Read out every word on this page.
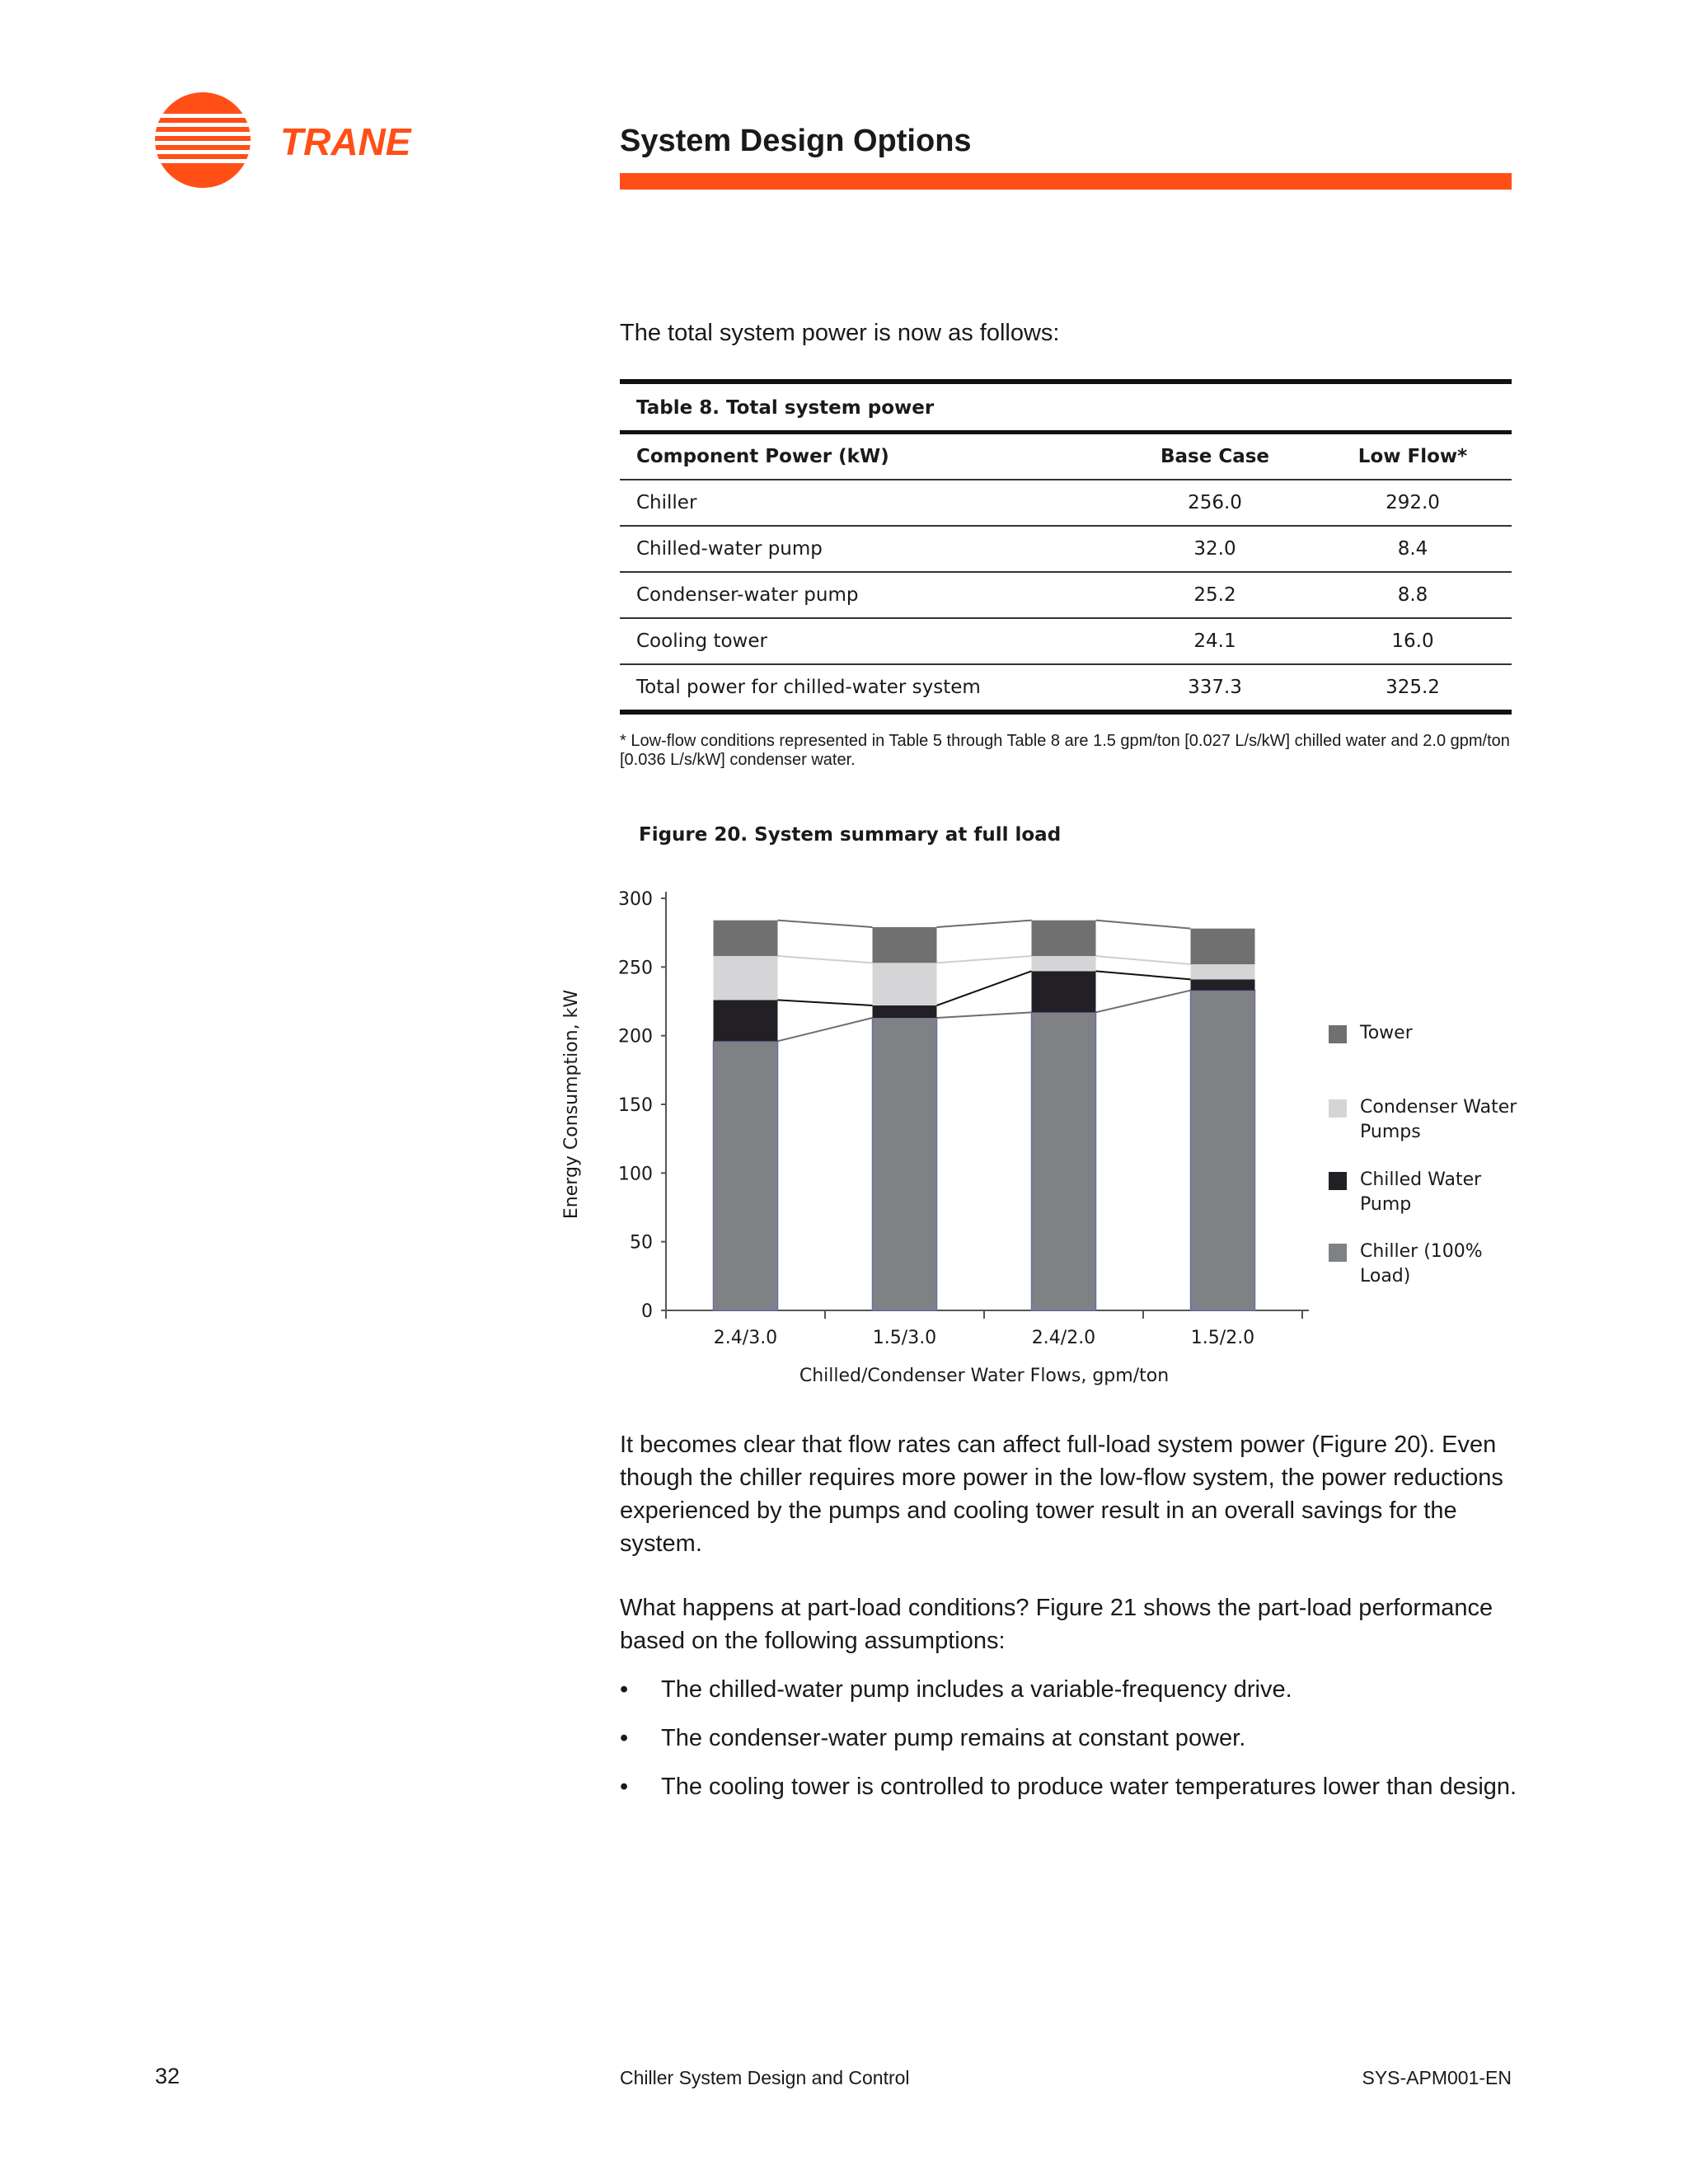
TRANE	System Design Options

The total system power is now as follows:

Table 8. Total system power
Component Power (kW)	Base Case	Low Flow*
Chiller	256.0	292.0
Chilled-water pump	32.0	8.4
Condenser-water pump	25.2	8.8
Cooling tower	24.1	16.0
Total power for chilled-water system	337.3	325.2

* Low-flow conditions represented in Table 5 through Table 8 are 1.5 gpm/ton [0.027 L/s/kW] chilled water and 2.0 gpm/ton [0.036 L/s/kW] condenser water.

Figure 20. System summary at full load

0
50
100
150
200
250
300
Energy Consumption, kW
2.4/3.0	1.5/3.0	2.4/2.0	1.5/2.0
Chilled/Condenser Water Flows, gpm/ton
Tower
Condenser Water
Pumps
Chilled Water
Pump
Chiller (100%
Load)

It becomes clear that flow rates can affect full-load system power (Figure 20). Even though the chiller requires more power in the low-flow system, the power reductions experienced by the pumps and cooling tower result in an overall savings for the system.

What happens at part-load conditions? Figure 21 shows the part-load performance based on the following assumptions:

• The chilled-water pump includes a variable-frequency drive.
• The condenser-water pump remains at constant power.
• The cooling tower is controlled to produce water temperatures lower than design.

32	Chiller System Design and Control	SYS-APM001-EN
